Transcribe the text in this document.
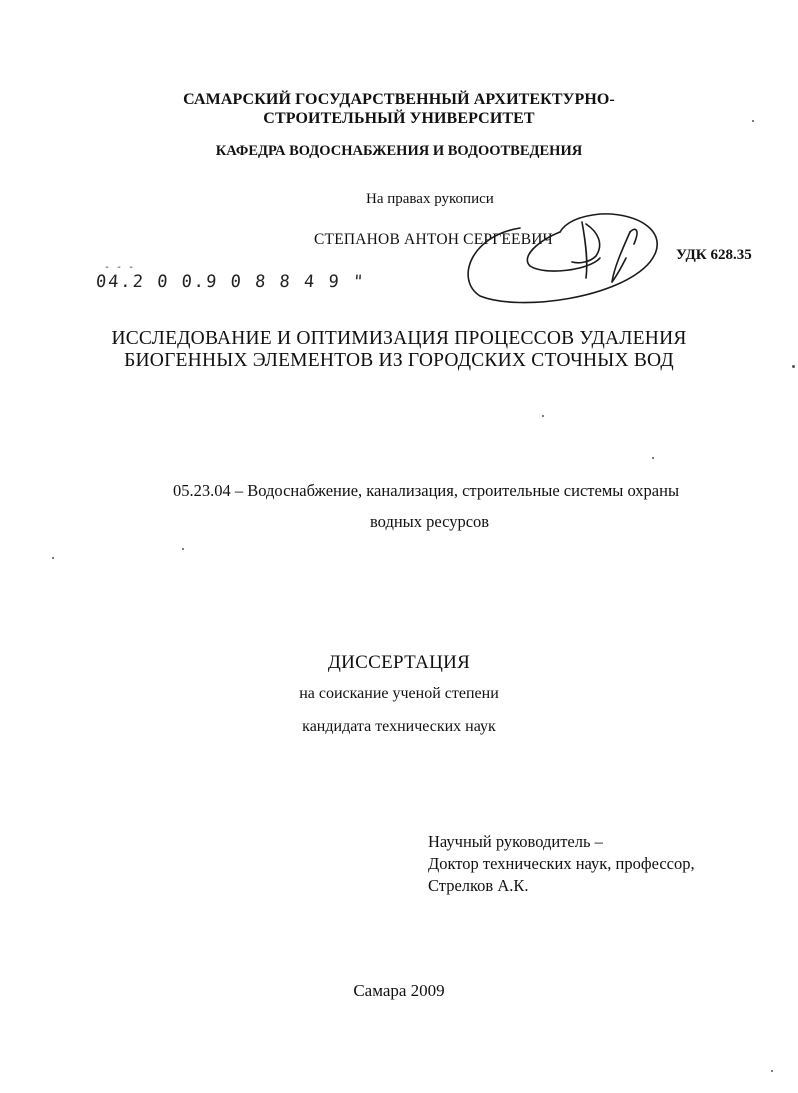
САМАРСКИЙ ГОСУДАРСТВЕННЫЙ АРХИТЕКТУРНО-
СТРОИТЕЛЬНЫЙ УНИВЕРСИТЕТ
КАФЕДРА ВОДОСНАБЖЕНИЯ И ВОДООТВЕДЕНИЯ
На правах рукописи
СТЕПАНОВ АНТОН СЕРГЕЕВИЧ
УДК 628.35
- - -
04.2 0 0.9 0 8 8 4 9 "
ИССЛЕДОВАНИЕ И ОПТИМИЗАЦИЯ ПРОЦЕССОВ УДАЛЕНИЯ
БИОГЕННЫХ ЭЛЕМЕНТОВ ИЗ ГОРОДСКИХ СТОЧНЫХ ВОД
05.23.04 – Водоснабжение, канализация, строительные системы охраны
водных ресурсов
ДИССЕРТАЦИЯ
на соискание ученой степени
кандидата технических наук
Научный руководитель –
Доктор технических наук, профессор,
Стрелков А.К.
Самара 2009
